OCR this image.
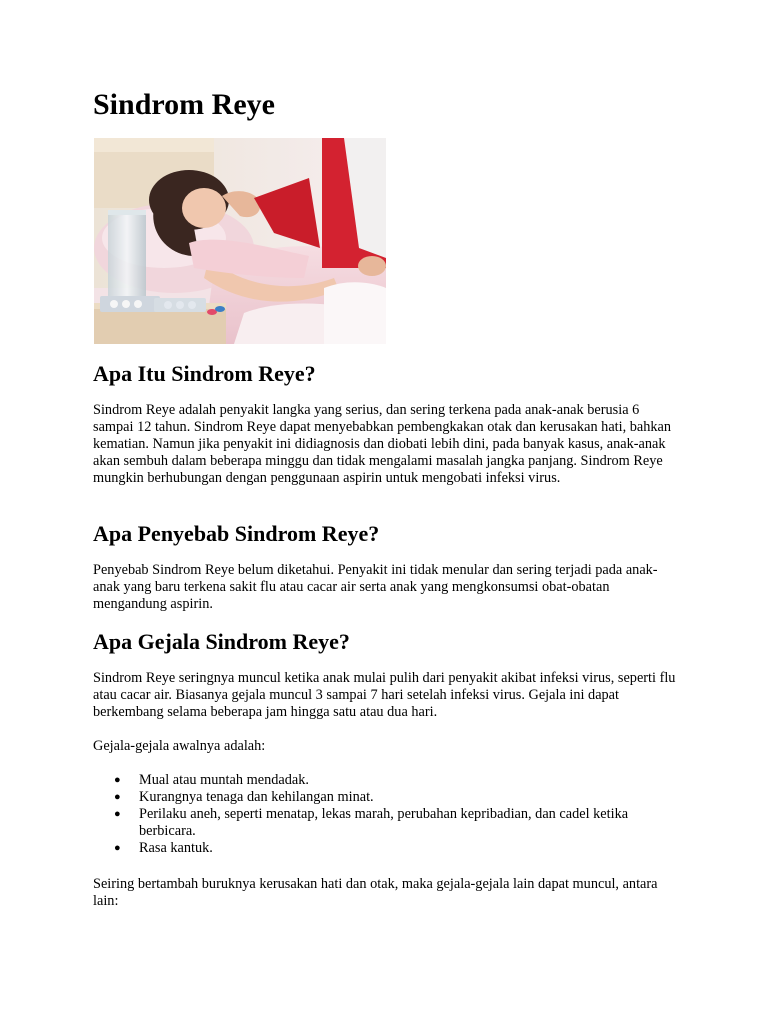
Sindrom Reye
Apa Itu Sindrom Reye?

Sindrom Reye adalah penyakit langka yang serius, dan sering terkena pada anak-anak berusia 6 sampai 12 tahun. Sindrom Reye dapat menyebabkan pembengkakan otak dan kerusakan hati, bahkan kematian. Namun jika penyakit ini didiagnosis dan diobati lebih dini, pada banyak kasus, anak-anak akan sembuh dalam beberapa minggu dan tidak mengalami masalah jangka panjang. Sindrom Reye mungkin berhubungan dengan penggunaan aspirin untuk mengobati infeksi virus.

Apa Penyebab Sindrom Reye?

Penyebab Sindrom Reye belum diketahui. Penyakit ini tidak menular dan sering terjadi pada anak-anak yang baru terkena sakit flu atau cacar air serta anak yang mengkonsumsi obat-obatan mengandung aspirin.

Apa Gejala Sindrom Reye?

Sindrom Reye seringnya muncul ketika anak mulai pulih dari penyakit akibat infeksi virus, seperti flu atau cacar air. Biasanya gejala muncul 3 sampai 7 hari setelah infeksi virus. Gejala ini dapat berkembang selama beberapa jam hingga satu atau dua hari.

Gejala-gejala awalnya adalah:

● Mual atau muntah mendadak.
● Kurangnya tenaga dan kehilangan minat.
● Perilaku aneh, seperti menatap, lekas marah, perubahan kepribadian, dan cadel ketika berbicara.
● Rasa kantuk.

Seiring bertambah buruknya kerusakan hati dan otak, maka gejala-gejala lain dapat muncul, antara lain:
